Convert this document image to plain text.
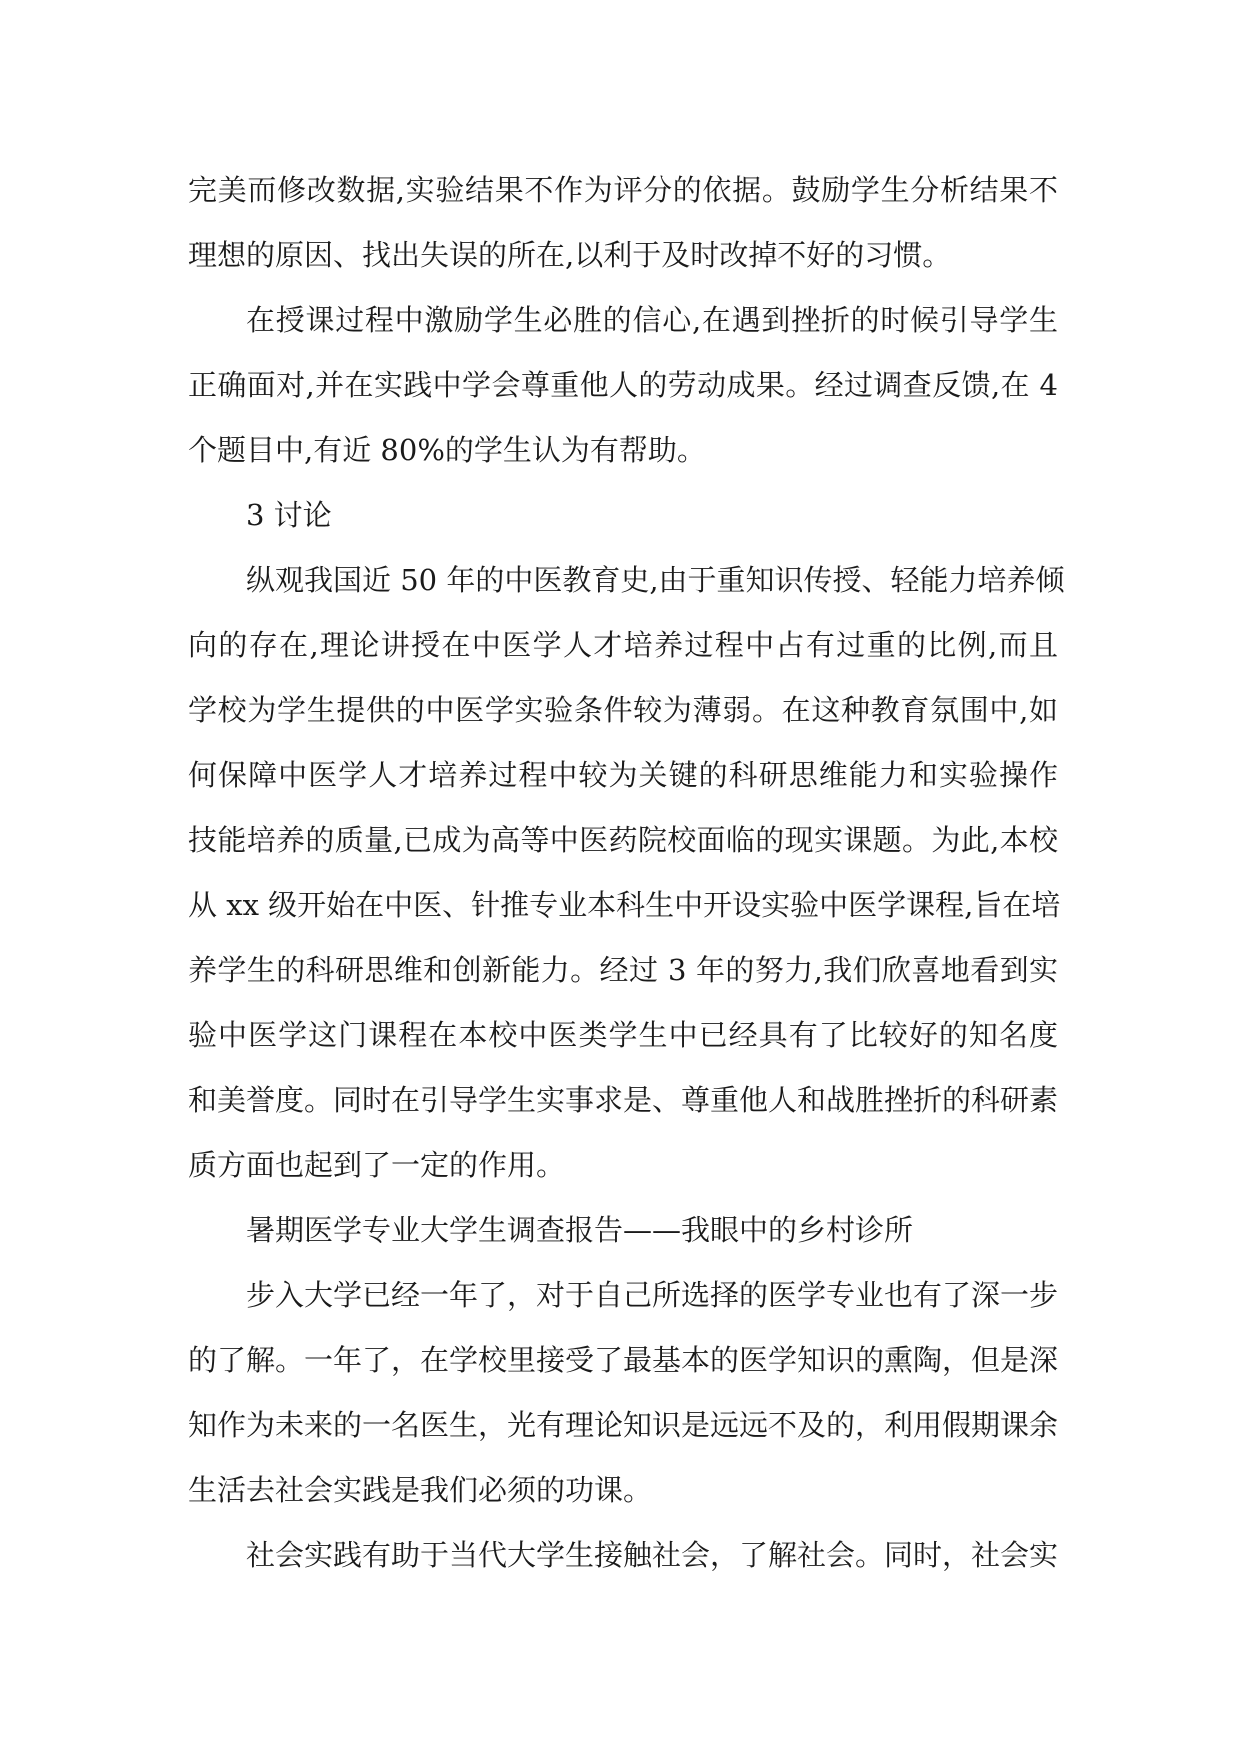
完美而修改数据,实验结果不作为评分的依据。鼓励学生分析结果不
理想的原因、找出失误的所在,以利于及时改掉不好的习惯。
在授课过程中激励学生必胜的信心,在遇到挫折的时候引导学生
正确面对,并在实践中学会尊重他人的劳动成果。经过调查反馈,在 4
个题目中,有近 80%的学生认为有帮助。
3 讨论
纵观我国近 50 年的中医教育史,由于重知识传授、轻能力培养倾
向的存在,理论讲授在中医学人才培养过程中占有过重的比例,而且
学校为学生提供的中医学实验条件较为薄弱。在这种教育氛围中,如
何保障中医学人才培养过程中较为关键的科研思维能力和实验操作
技能培养的质量,已成为高等中医药院校面临的现实课题。为此,本校
从 xx 级开始在中医、针推专业本科生中开设实验中医学课程,旨在培
养学生的科研思维和创新能力。经过 3 年的努力,我们欣喜地看到实
验中医学这门课程在本校中医类学生中已经具有了比较好的知名度
和美誉度。同时在引导学生实事求是、尊重他人和战胜挫折的科研素
质方面也起到了一定的作用。
暑期医学专业大学生调查报告——我眼中的乡村诊所
步入大学已经一年了，对于自己所选择的医学专业也有了深一步
的了解。一年了，在学校里接受了最基本的医学知识的熏陶，但是深
知作为未来的一名医生，光有理论知识是远远不及的，利用假期课余
生活去社会实践是我们必须的功课。
社会实践有助于当代大学生接触社会，了解社会。同时，社会实
